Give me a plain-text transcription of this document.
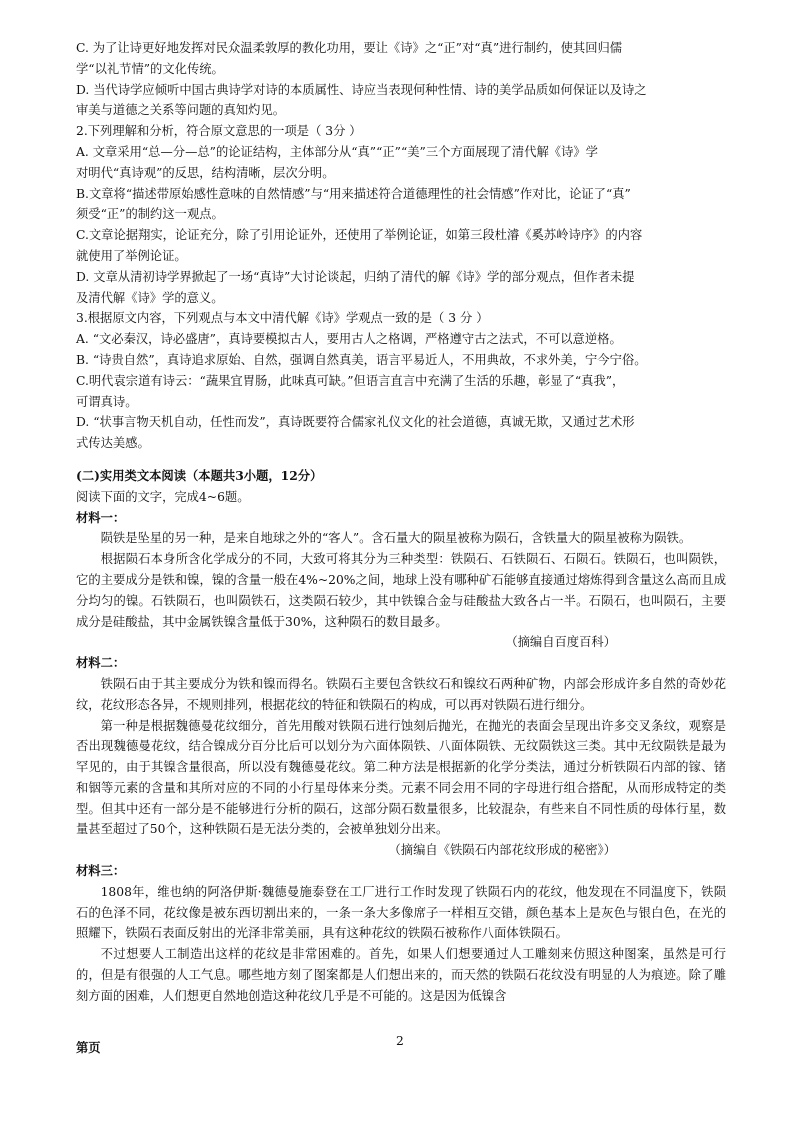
C. 为了让诗更好地发挥对民众温柔敦厚的教化功用，要让《诗》之“正”对“真”进行制约，使其回归儒

学“以礼节情”的文化传统。

D. 当代诗学应倾听中国古典诗学对诗的本质属性、诗应当表现何种性情、诗的美学品质如何保证以及诗之

审美与道德之关系等问题的真知灼见。

2.下列理解和分析，符合原文意思的一项是（ 3分 ）

A. 文章采用“总—分—总”的论证结构，主体部分从“真”“正”“美”三个方面展现了清代解《诗》学

对明代“真诗观”的反思，结构清晰，层次分明。

B.文章将“描述带原始感性意味的自然情感”与“用来描述符合道德理性的社会情感”作对比，论证了“真”

须受“正”的制约这一观点。

C.文章论据翔实，论证充分，除了引用论证外，还使用了举例论证，如第三段杜濬《奚苏岭诗序》的内容

就使用了举例论证。

D. 文章从清初诗学界掀起了一场“真诗”大讨论谈起，归纳了清代的解《诗》学的部分观点，但作者未提

及清代解《诗》学的意义。

3.根据原文内容，下列观点与本文中清代解《诗》学观点一致的是（ 3 分 ）

A. “文必秦汉，诗必盛唐”，真诗要模拟古人，要用古人之格调，严格遵守古之法式，不可以意逆格。

B. “诗贵自然”，真诗追求原始、自然，强调自然真美，语言平易近人，不用典故，不求外美，宁今宁俗。

C.明代袁宗道有诗云：“蔬果宜胃肠，此味真可缺。”但语言直言中充满了生活的乐趣，彰显了“真我”，

可谓真诗。

D. “状事言物天机自动，任性而发”，真诗既要符合儒家礼仪文化的社会道德，真诚无欺，又通过艺术形

式传达美感。

(二)实用类文本阅读（本题共3小题，12分）

阅读下面的文字，完成4~6题。

材料一：

陨铁是坠星的另一种，是来自地球之外的“客人”。含石量大的陨星被称为陨石，含铁量大的陨星被称为陨铁。

根据陨石本身所含化学成分的不同，大致可将其分为三种类型：铁陨石、石铁陨石、石陨石。铁陨石，也叫陨铁，它的主要成分是铁和镍，镍的含量一般在4%~20%之间，地球上没有哪种矿石能够直接通过熔炼得到含量这么高而且成分均匀的镍。石铁陨石，也叫陨铁石，这类陨石较少，其中铁镍合金与硅酸盐大致各占一半。石陨石，也叫陨石，主要成分是硅酸盐，其中金属铁镍含量低于30%，这种陨石的数目最多。

（摘编自百度百科）

材料二：

铁陨石由于其主要成分为铁和镍而得名。铁陨石主要包含铁纹石和镍纹石两种矿物，内部会形成许多自然的奇妙花纹，花纹形态各异，不规则排列，根据花纹的特征和铁陨石的构成，可以再对铁陨石进行细分。

第一种是根据魏德曼花纹细分，首先用酸对铁陨石进行蚀刻后抛光，在抛光的表面会呈现出许多交叉条纹，观察是否出现魏德曼花纹，结合镍成分百分比后可以划分为六面体陨铁、八面体陨铁、无纹陨铁这三类。其中无纹陨铁是最为罕见的，由于其镍含量很高，所以没有魏德曼花纹。第二种方法是根据新的化学分类法，通过分析铁陨石内部的镓、锗和铟等元素的含量和其所对应的不同的小行星母体来分类。元素不同会用不同的字母进行组合搭配，从而形成特定的类型。但其中还有一部分是不能够进行分析的陨石，这部分陨石数量很多，比较混杂，有些来自不同性质的母体行星，数量甚至超过了50个，这种铁陨石是无法分类的，会被单独划分出来。

（摘编自《铁陨石内部花纹形成的秘密》）

材料三：

1808年，维也纳的阿洛伊斯·魏德曼施泰登在工厂进行工作时发现了铁陨石内的花纹，他发现在不同温度下，铁陨石的色泽不同，花纹像是被东西切割出来的，一条一条大多像席子一样相互交错，颜色基本上是灰色与银白色，在光的照耀下，铁陨石表面反射出的光泽非常美丽，具有这种花纹的铁陨石被称作八面体铁陨石。

不过想要人工制造出这样的花纹是非常困难的。首先，如果人们想要通过人工雕刻来仿照这种图案，虽然是可行的，但是有很强的人工气息。哪些地方刻了图案都是人们想出来的，而天然的铁陨石花纹没有明显的人为痕迹。除了雕刻方面的困难，人们想更自然地创造这种花纹几乎是不可能的。这是因为低镍含

第页	2
